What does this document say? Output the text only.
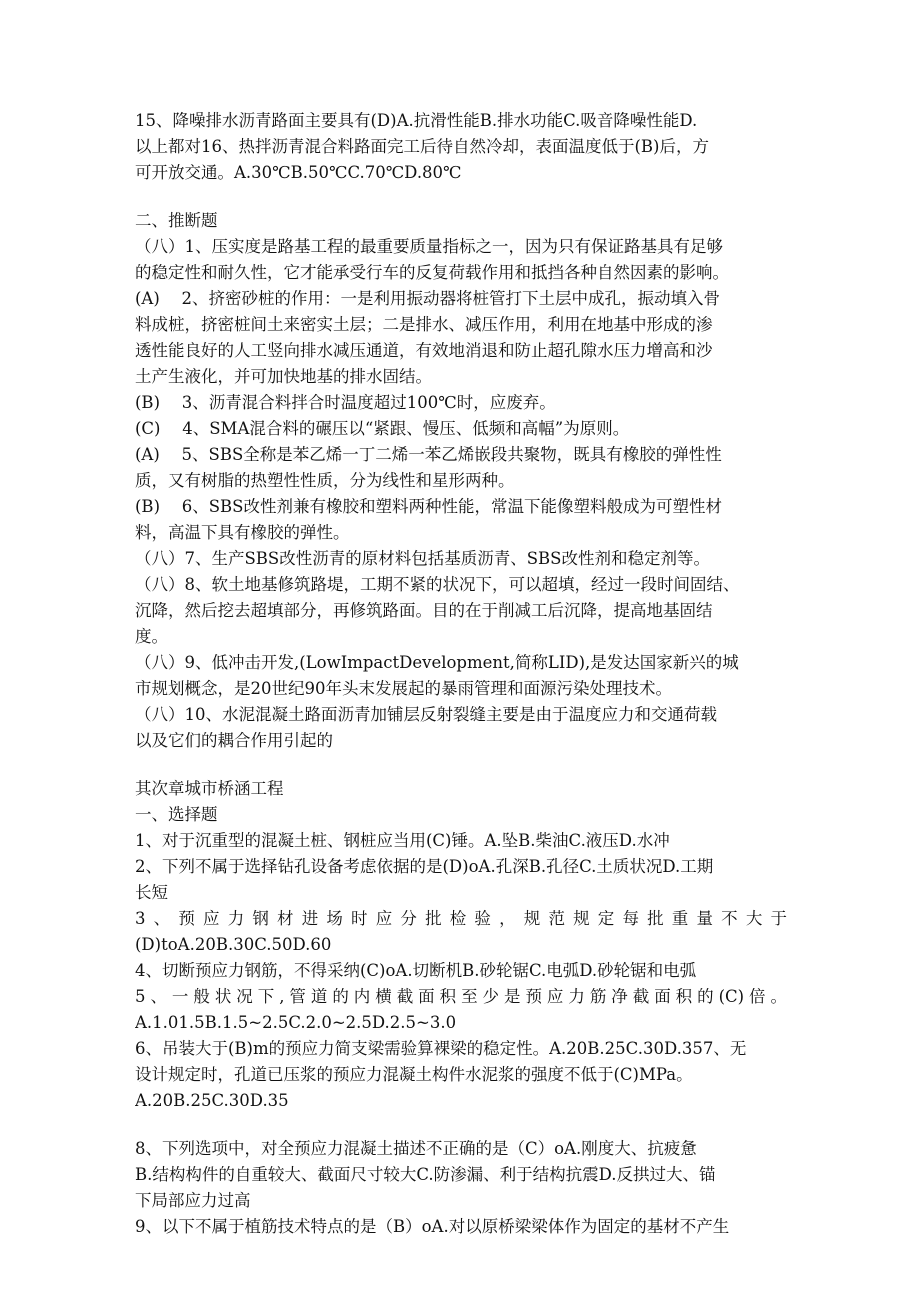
15、降噪排水沥青路面主要具有(D)A.抗滑性能B.排水功能C.吸音降噪性能D.
以上都对16、热拌沥青混合料路面完工后待自然冷却，表面温度低于(B)后，方
可开放交通。A.30℃B.50℃C.70℃D.80℃
二、推断题
（八）1、压实度是路基工程的最重要质量指标之一，因为只有保证路基具有足够
的稳定性和耐久性，它才能承受行车的反复荷载作用和抵挡各种自然因素的影响。
(A)　 2、挤密砂桩的作用：一是利用振动器将桩管打下土层中成孔，振动填入骨
料成桩，挤密桩间土来密实土层；二是排水、减压作用，利用在地基中形成的渗
透性能良好的人工竖向排水减压通道，有效地消退和防止超孔隙水压力增高和沙
土产生液化，并可加快地基的排水固结。
(B)　 3、沥青混合料拌合时温度超过100℃时，应废弃。
(C)　 4、SMA混合料的碾压以“紧跟、慢压、低频和高幅”为原则。
(A)　 5、SBS全称是苯乙烯一丁二烯一苯乙烯嵌段共聚物，既具有橡胶的弹性性
质，又有树脂的热塑性性质，分为线性和星形两种。
(B)　 6、SBS改性剂兼有橡胶和塑料两种性能，常温下能像塑料般成为可塑性材
料，高温下具有橡胶的弹性。
（八）7、生产SBS改性沥青的原材料包括基质沥青、SBS改性剂和稳定剂等。
（八）8、软土地基修筑路堤，工期不紧的状况下，可以超填，经过一段时间固结、
沉降，然后挖去超填部分，再修筑路面。目的在于削减工后沉降，提高地基固结
度。
（八）9、低冲击开发,(LowImpactDevelopment,简称LID),是发达国家新兴的城
市规划概念，是20世纪90年头末发展起的暴雨管理和面源污染处理技术。
（八）10、水泥混凝土路面沥青加铺层反射裂缝主要是由于温度应力和交通荷载
以及它们的耦合作用引起的
其次章城市桥涵工程
一、选择题
1、对于沉重型的混凝土桩、钢桩应当用(C)锤。A.坠B.柴油C.液压D.水冲
2、下列不属于选择钻孔设备考虑依据的是(D)oA.孔深B.孔径C.土质状况D.工期
长短
3、预应力钢材进场时应分批检验，规范规定每批重量不大于
(D)toA.20B.30C.50D.60
4、切断预应力钢筋，不得采纳(C)oA.切断机B.砂轮锯C.电弧D.砂轮锯和电弧
5、一般状况下,管道的内横截面积至少是预应力筋净截面积的(C)倍。
A.1.01.5B.1.5~2.5C.2.0~2.5D.2.5~3.0
6、吊装大于(B)m的预应力简支梁需验算裸梁的稳定性。A.20B.25C.30D.357、无
设计规定时，孔道已压浆的预应力混凝土构件水泥浆的强度不低于(C)MPa。
A.20B.25C.30D.35
8、下列选项中，对全预应力混凝土描述不正确的是（C）oA.刚度大、抗疲惫
B.结构构件的自重较大、截面尺寸较大C.防渗漏、利于结构抗震D.反拱过大、锚
下局部应力过高
9、以下不属于植筋技术特点的是（B）oA.对以原桥梁梁体作为固定的基材不产生
